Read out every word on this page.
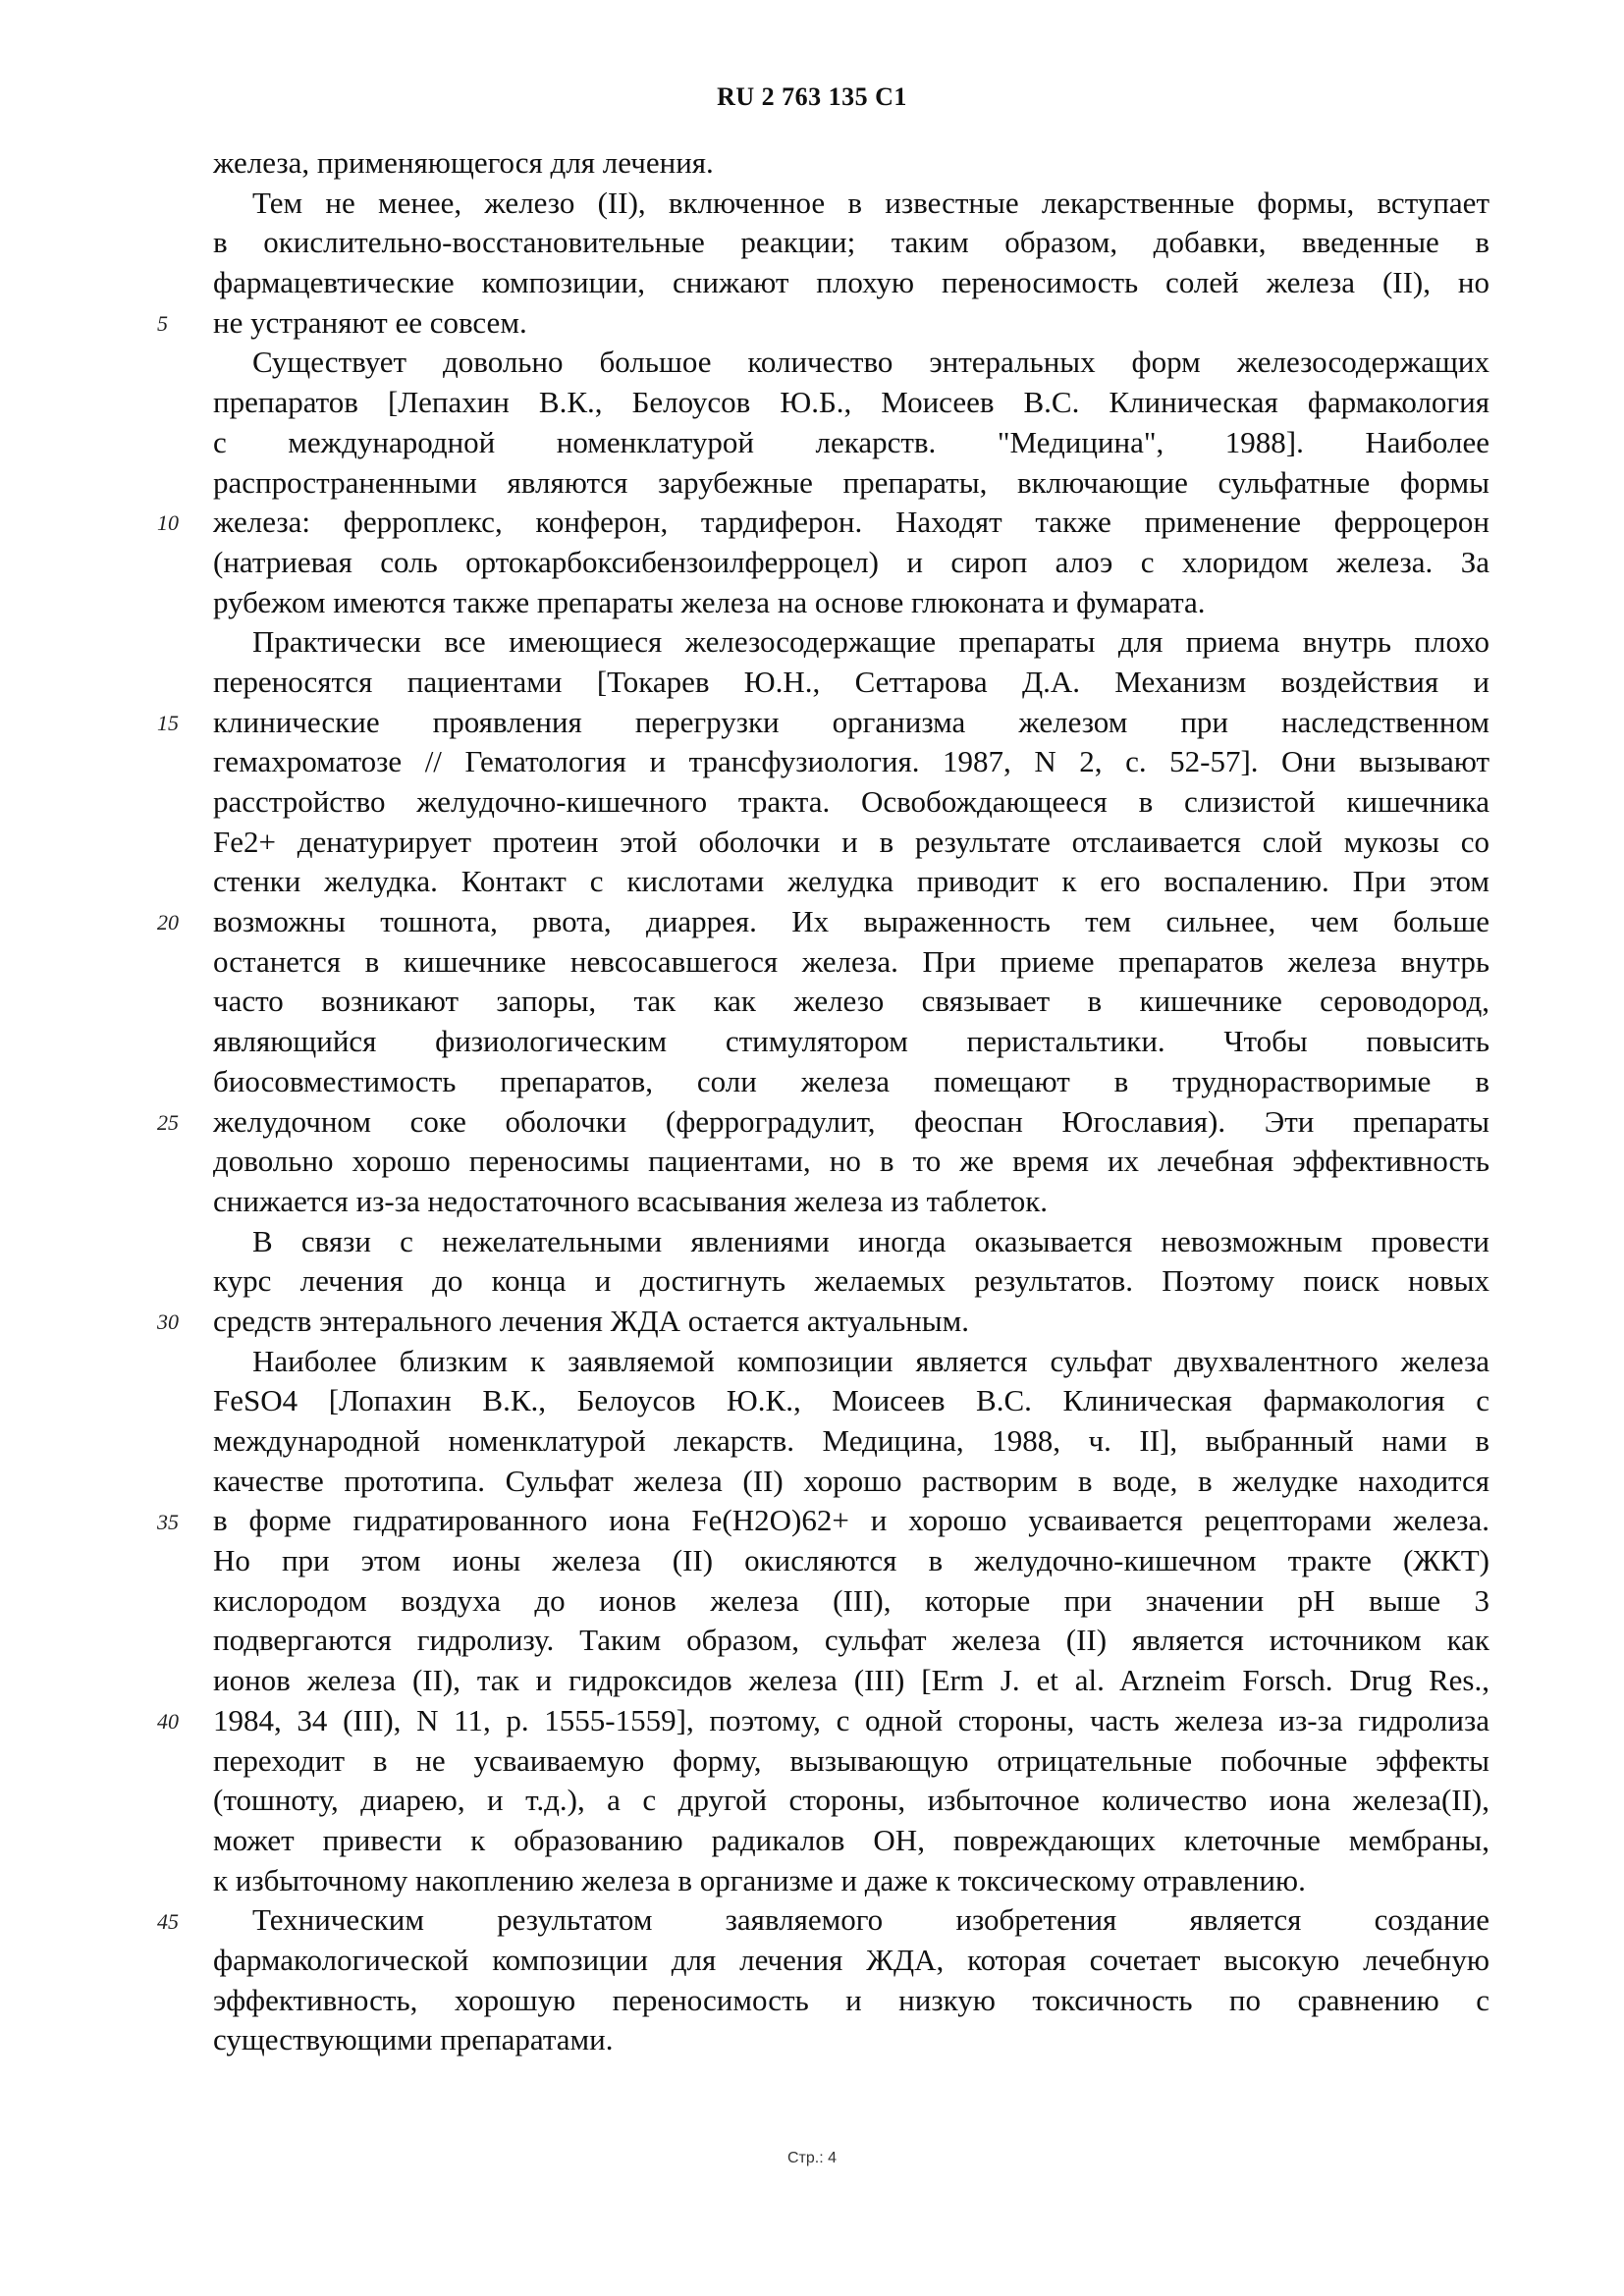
RU 2 763 135 C1
5
10
15
20
25
30
35
40
45
железа, применяющегося для лечения.
Тем не менее, железо (II), включенное в известные лекарственные формы, вступает
в окислительно-восстановительные реакции; таким образом, добавки, введенные в
фармацевтические композиции, снижают плохую переносимость солей железа (II), но
не устраняют ее совсем.
Существует довольно большое количество энтеральных форм железосодержащих
препаратов [Лепахин В.К., Белоусов Ю.Б., Моисеев В.С. Клиническая фармакология
с международной номенклатурой лекарств. "Медицина", 1988]. Наиболее
распространенными являются зарубежные препараты, включающие сульфатные формы
железа: ферроплекс, конферон, тардиферон. Находят также применение ферроцерон
(натриевая соль ортокарбоксибензоилферроцел) и сироп алоэ с хлоридом железа. За
рубежом имеются также препараты железа на основе глюконата и фумарата.
Практически все имеющиеся железосодержащие препараты для приема внутрь плохо
переносятся пациентами [Токарев Ю.Н., Сеттарова Д.А. Механизм воздействия и
клинические проявления перегрузки организма железом при наследственном
гемахроматозе // Гематология и трансфузиология. 1987, N 2, с. 52-57]. Они вызывают
расстройство желудочно-кишечного тракта. Освобождающееся в слизистой кишечника
Fe2+ денатурирует протеин этой оболочки и в результате отслаивается слой мукозы со
стенки желудка. Контакт с кислотами желудка приводит к его воспалению. При этом
возможны тошнота, рвота, диаррея. Их выраженность тем сильнее, чем больше
останется в кишечнике невсосавшегося железа. При приеме препаратов железа внутрь
часто возникают запоры, так как железо связывает в кишечнике сероводород,
являющийся физиологическим стимулятором перистальтики. Чтобы повысить
биосовместимость препаратов, соли железа помещают в труднорастворимые в
желудочном соке оболочки (ферроградулит, феоспан Югославия). Эти препараты
довольно хорошо переносимы пациентами, но в то же время их лечебная эффективность
снижается из-за недостаточного всасывания железа из таблеток.
В связи с нежелательными явлениями иногда оказывается невозможным провести
курс лечения до конца и достигнуть желаемых результатов. Поэтому поиск новых
средств энтерального лечения ЖДА остается актуальным.
Наиболее близким к заявляемой композиции является сульфат двухвалентного железа
FeSO4 [Лопахин В.К., Белоусов Ю.К., Моисеев В.С. Клиническая фармакология с
международной номенклатурой лекарств. Медицина, 1988, ч. II], выбранный нами в
качестве прототипа. Сульфат железа (II) хорошо растворим в воде, в желудке находится
в форме гидратированного иона Fe(H2O)62+ и хорошо усваивается рецепторами железа.
Но при этом ионы железа (II) окисляются в желудочно-кишечном тракте (ЖКТ)
кислородом воздуха до ионов железа (III), которые при значении pH выше 3
подвергаются гидролизу. Таким образом, сульфат железа (II) является источником как
ионов железа (II), так и гидроксидов железа (III) [Erm J. et al. Arzneim Forsch. Drug Res.,
1984, 34 (III), N 11, p. 1555-1559], поэтому, с одной стороны, часть железа из-за гидролиза
переходит в не усваиваемую форму, вызывающую отрицательные побочные эффекты
(тошноту, диарею, и т.д.), а с другой стороны, избыточное количество иона железа(II),
может привести к образованию радикалов ОН, повреждающих клеточные мембраны,
к избыточному накоплению железа в организме и даже к токсическому отравлению.
Техническим результатом заявляемого изобретения является создание
фармакологической композиции для лечения ЖДА, которая сочетает высокую лечебную
эффективность, хорошую переносимость и низкую токсичность по сравнению с
существующими препаратами.
Стр.: 4
